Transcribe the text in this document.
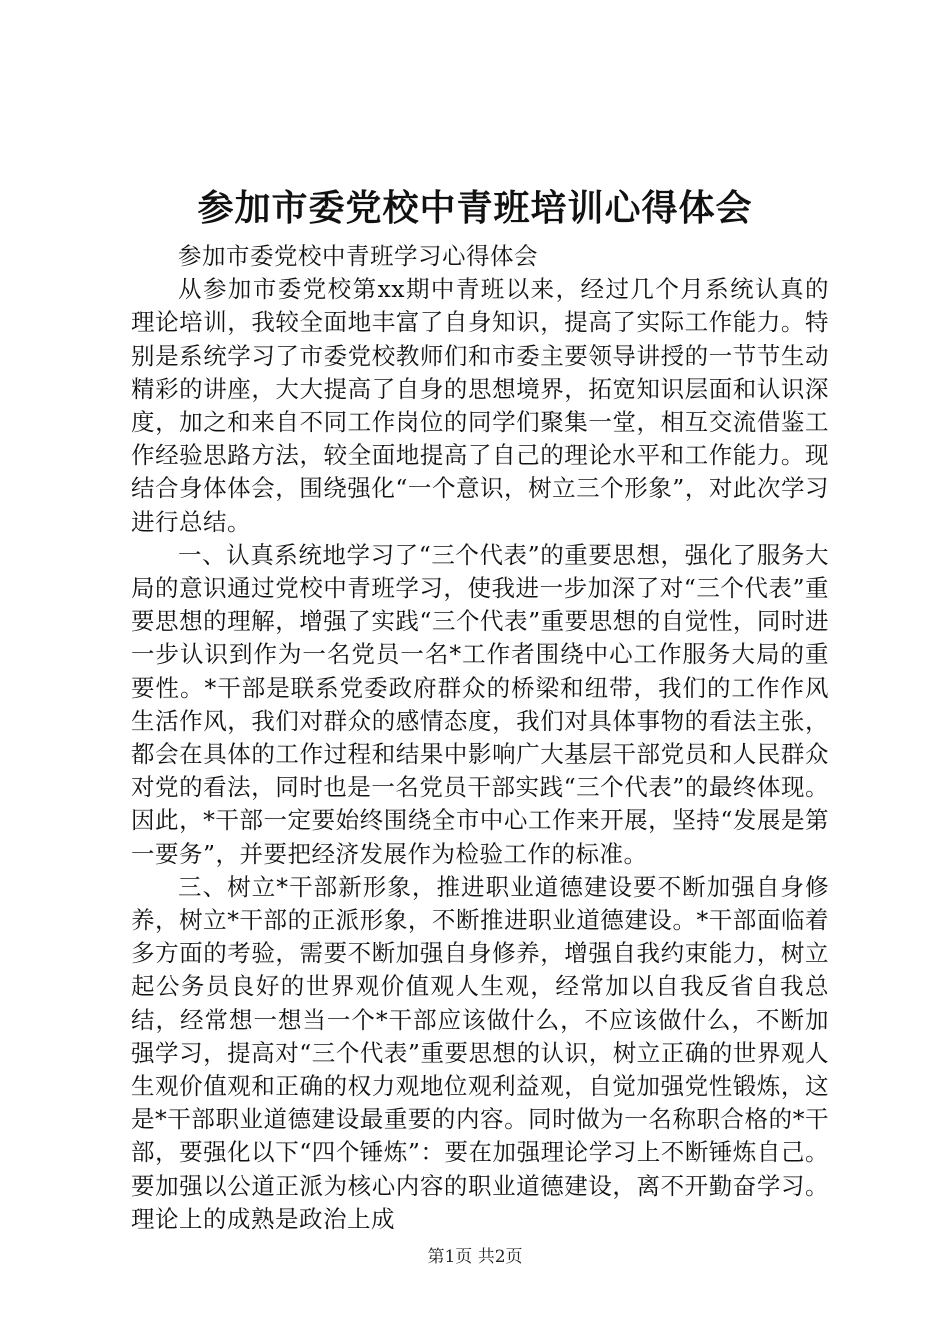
参加市委党校中青班培训心得体会

参加市委党校中青班学习心得体会

从参加市委党校第xx期中青班以来，经过几个月系统认真的理论培训，我较全面地丰富了自身知识，提高了实际工作能力。特别是系统学习了市委党校教师们和市委主要领导讲授的一节节生动精彩的讲座，大大提高了自身的思想境界，拓宽知识层面和认识深度，加之和来自不同工作岗位的同学们聚集一堂，相互交流借鉴工作经验思路方法，较全面地提高了自己的理论水平和工作能力。现结合身体体会，围绕强化“一个意识，树立三个形象”，对此次学习进行总结。

一、认真系统地学习了“三个代表”的重要思想，强化了服务大局的意识通过党校中青班学习，使我进一步加深了对“三个代表”重要思想的理解，增强了实践“三个代表”重要思想的自觉性，同时进一步认识到作为一名党员一名*工作者围绕中心工作服务大局的重要性。*干部是联系党委政府群众的桥梁和纽带，我们的工作作风生活作风，我们对群众的感情态度，我们对具体事物的看法主张，都会在具体的工作过程和结果中影响广大基层干部党员和人民群众对党的看法，同时也是一名党员干部实践“三个代表”的最终体现。因此，*干部一定要始终围绕全市中心工作来开展，坚持“发展是第一要务”，并要把经济发展作为检验工作的标准。

三、树立*干部新形象，推进职业道德建设要不断加强自身修养，树立*干部的正派形象，不断推进职业道德建设。*干部面临着多方面的考验，需要不断加强自身修养，增强自我约束能力，树立起公务员良好的世界观价值观人生观，经常加以自我反省自我总结，经常想一想当一个*干部应该做什么，不应该做什么，不断加强学习，提高对“三个代表”重要思想的认识，树立正确的世界观人生观价值观和正确的权力观地位观利益观，自觉加强党性锻炼，这是*干部职业道德建设最重要的内容。同时做为一名称职合格的*干部，要强化以下“四个锤炼”：要在加强理论学习上不断锤炼自己。要加强以公道正派为核心内容的职业道德建设，离不开勤奋学习。理论上的成熟是政治上成

第1页 共2页
